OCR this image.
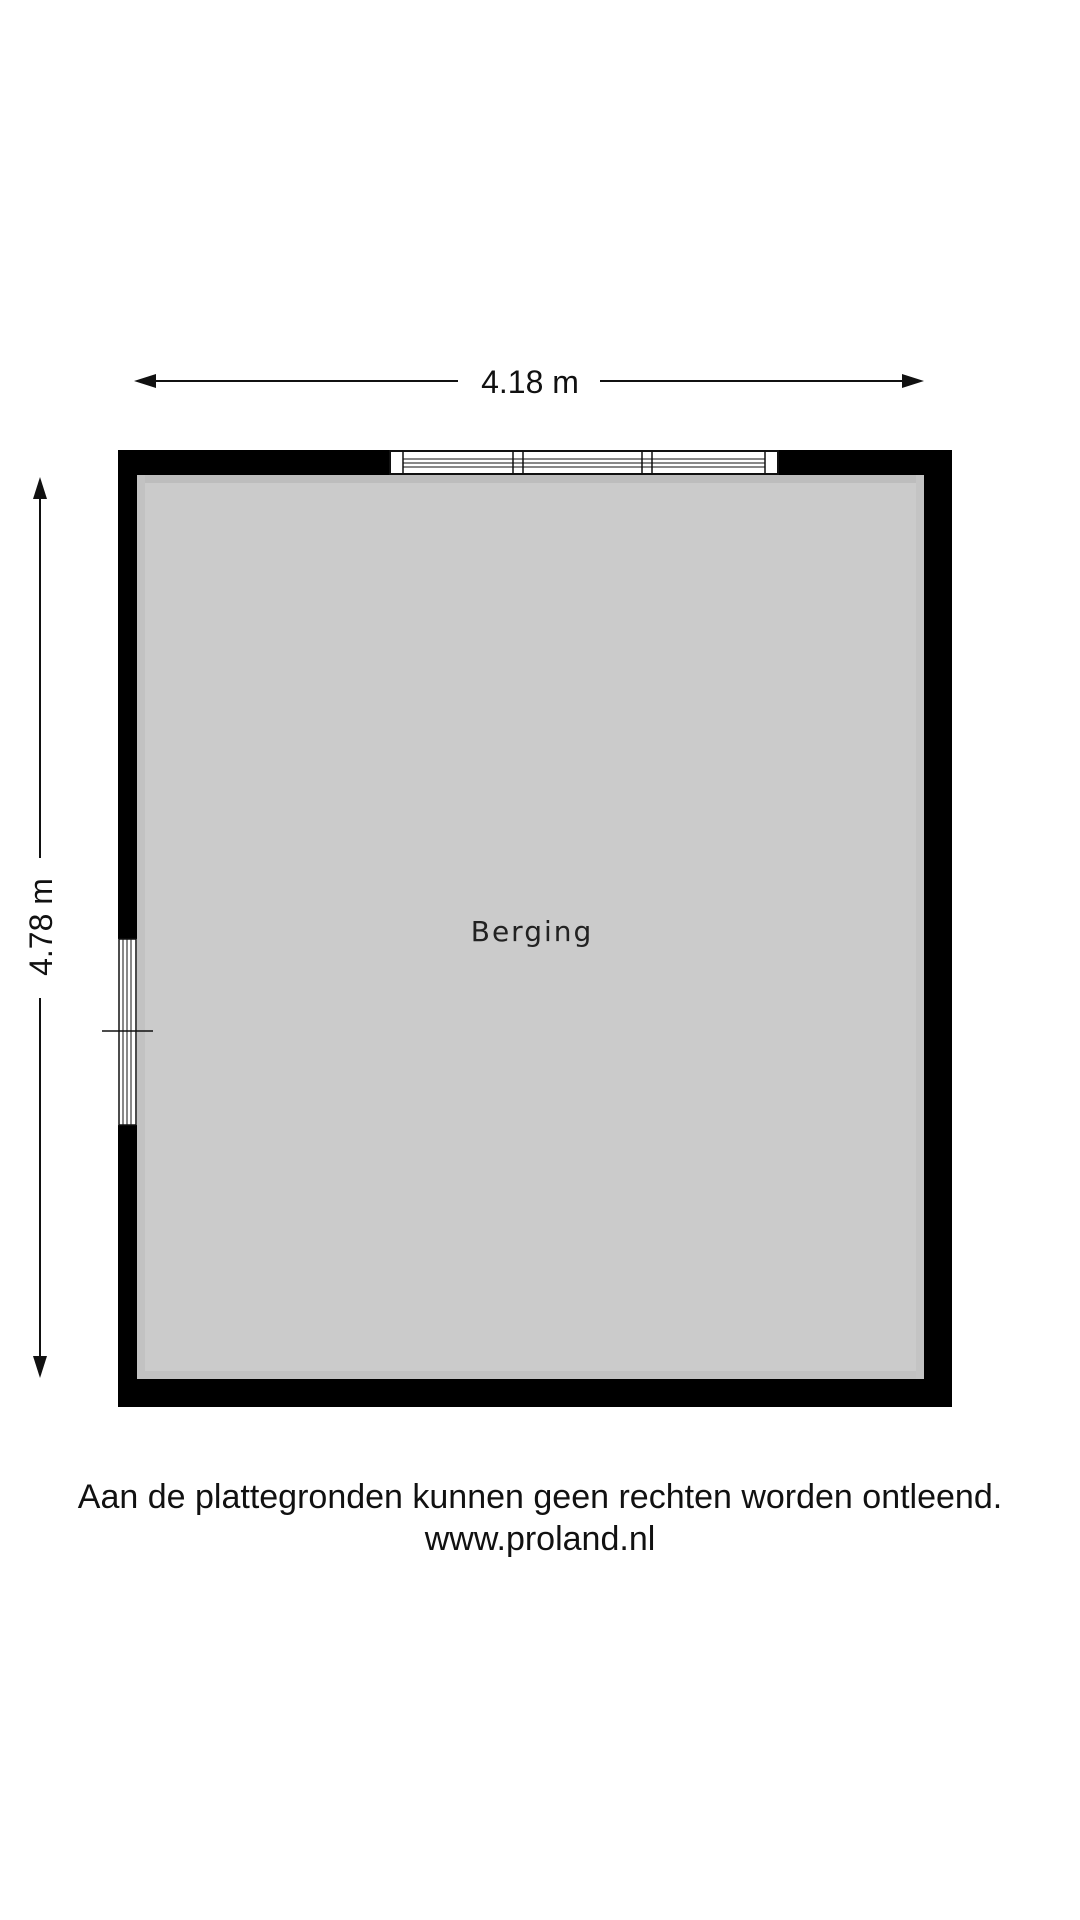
4.18 m
4.78 m	Berging

Aan de plattegronden kunnen geen rechten worden ontleend.

www.proland.nl
